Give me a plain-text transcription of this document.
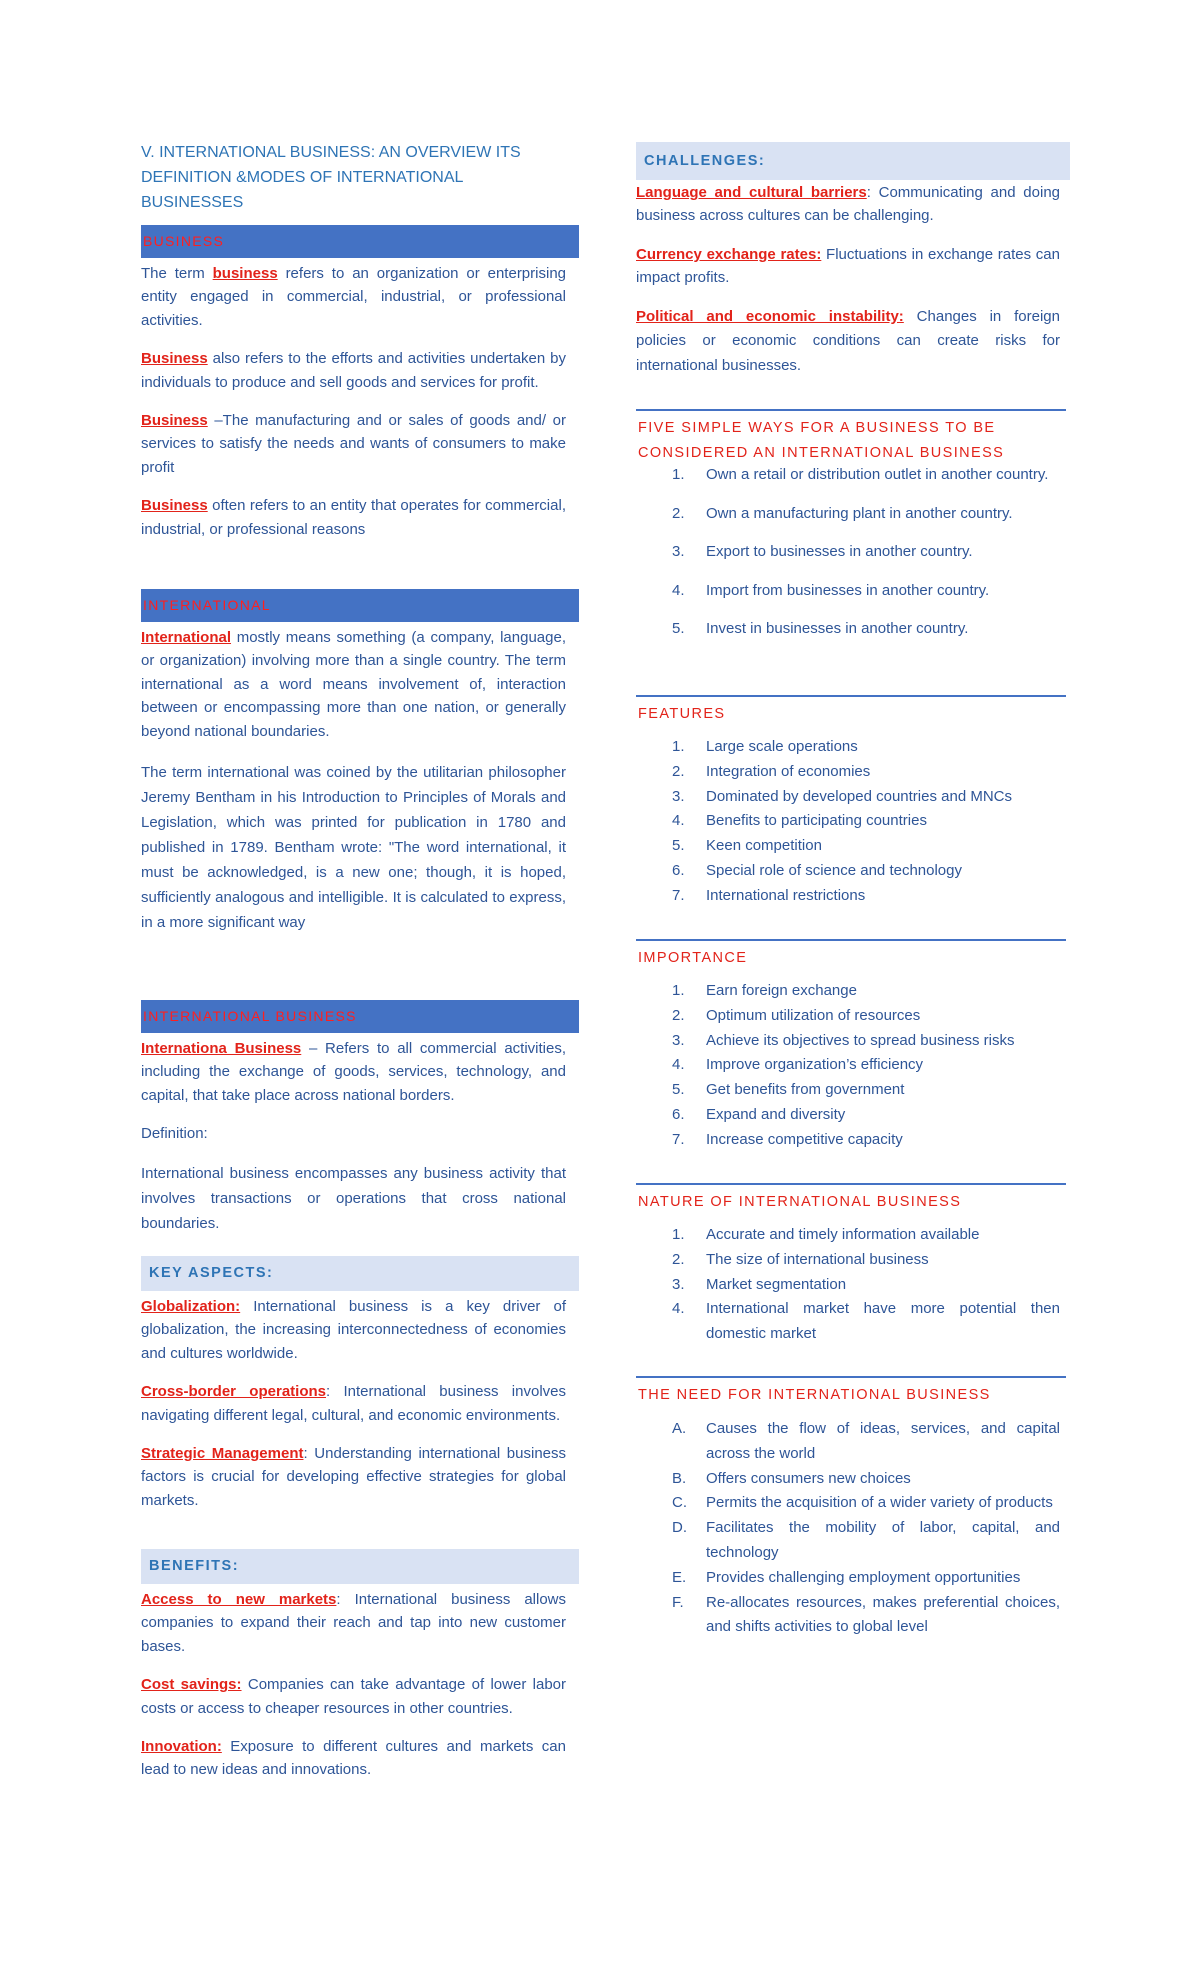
V. INTERNATIONAL BUSINESS: AN OVERVIEW ITS DEFINITION &MODES OF INTERNATIONAL BUSINESSES
BUSINESS

The term business refers to an organization or enterprising entity engaged in commercial, industrial, or professional activities.

Business also refers to the efforts and activities undertaken by individuals to produce and sell goods and services for profit.

Business –The manufacturing and or sales of goods and/ or services to satisfy the needs and wants of consumers to make profit

Business often refers to an entity that operates for commercial, industrial, or professional reasons

INTERNATIONAL

International mostly means something (a company, language, or organization) involving more than a single country. The term international as a word means involvement of, interaction between or encompassing more than one nation, or generally beyond national boundaries.

The term international was coined by the utilitarian philosopher Jeremy Bentham in his Introduction to Principles of Morals and Legislation, which was printed for publication in 1780 and published in 1789. Bentham wrote: "The word international, it must be acknowledged, is a new one; though, it is hoped, sufficiently analogous and intelligible. It is calculated to express, in a more significant way

INTERNATIONAL BUSINESS

Internationa Business – Refers to all commercial activities, including the exchange of goods, services, technology, and capital, that take place across national borders.

Definition:

International business encompasses any business activity that involves transactions or operations that cross national boundaries.

KEY ASPECTS:

Globalization: International business is a key driver of globalization, the increasing interconnectedness of economies and cultures worldwide.

Cross-border operations: International business involves navigating different legal, cultural, and economic environments.

Strategic Management: Understanding international business factors is crucial for developing effective strategies for global markets.

BENEFITS:

Access to new markets: International business allows companies to expand their reach and tap into new customer bases.

Cost savings: Companies can take advantage of lower labor costs or access to cheaper resources in other countries.

Innovation: Exposure to different cultures and markets can lead to new ideas and innovations.

CHALLENGES:

Language and cultural barriers: Communicating and doing business across cultures can be challenging.

Currency exchange rates: Fluctuations in exchange rates can impact profits.

Political and economic instability: Changes in foreign policies or economic conditions can create risks for international businesses.

FIVE SIMPLE WAYS FOR A BUSINESS TO BE CONSIDERED AN INTERNATIONAL BUSINESS
1.	Own a retail or distribution outlet in another country.
2.	Own a manufacturing plant in another country.
3.	Export to businesses in another country.
4.	Import from businesses in another country.
5.	Invest in businesses in another country.
FEATURES
1.	Large scale operations
2.	Integration of economies
3.	Dominated by developed countries and MNCs
4.	Benefits to participating countries
5.	Keen competition
6.	Special role of science and technology
7.	International restrictions
IMPORTANCE
1.	Earn foreign exchange
2.	Optimum utilization of resources
3.	Achieve its objectives to spread business risks
4.	Improve organization’s efficiency
5.	Get benefits from government
6.	Expand and diversity
7.	Increase competitive capacity
NATURE OF INTERNATIONAL BUSINESS
1.	Accurate and timely information available
2.	The size of international business
3.	Market segmentation
4.	International market have more potential then domestic market
THE NEED FOR INTERNATIONAL BUSINESS
A.	Causes the flow of ideas, services, and capital across the world
B.	Offers consumers new choices
C.	Permits the acquisition of a wider variety of products
D.	Facilitates the mobility of labor, capital, and technology
E.	Provides challenging employment opportunities
F.	Re-allocates resources, makes preferential choices, and shifts activities to global level
